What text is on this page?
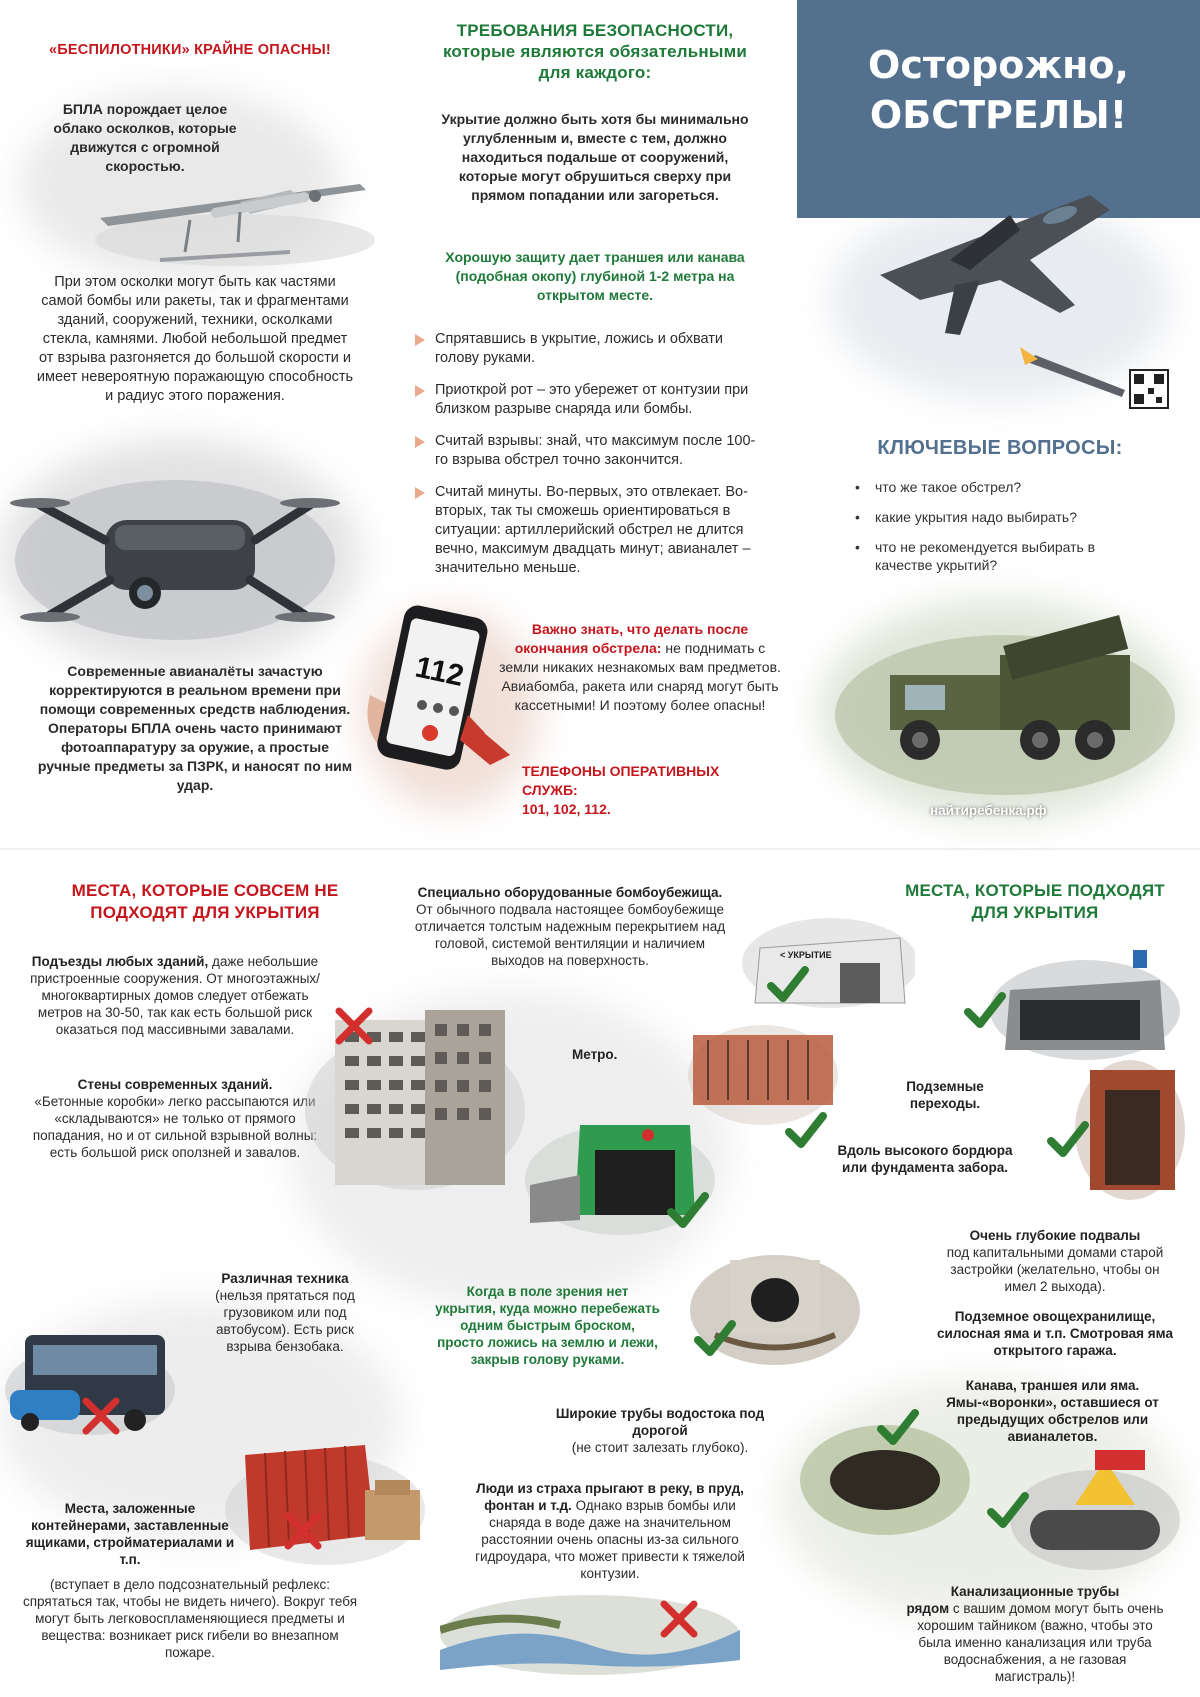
«БЕСПИЛОТНИКИ» КРАЙНЕ ОПАСНЫ!
БПЛА порождает целое облако осколков, которые движутся с огромной скоростью.
При этом осколки могут быть как частями самой бомбы или ракеты, так и фрагментами зданий, сооружений, техники, осколками стекла, камнями. Любой небольшой предмет от взрыва разгоняется до большой скорости и имеет невероятную поражающую способность и радиус этого поражения.
Современные авианалёты зачастую корректируются в реальном времени при помощи современных средств наблюдения. Операторы БПЛА очень часто принимают фотоаппаратуру за оружие, а простые ручные предметы за ПЗРК, и наносят по ним удар.
ТРЕБОВАНИЯ БЕЗОПАСНОСТИ, которые являются обязательными для каждого:
Укрытие должно быть хотя бы минимально углубленным и, вместе с тем, должно находиться подальше от сооружений, которые могут обрушиться сверху при прямом попадании или загореться.
Хорошую защиту дает траншея или канава (подобная окопу) глубиной 1-2 метра на открытом месте.
Спрятавшись в укрытие, ложись и обхвати голову руками.
Приоткрой рот – это убережет от контузии при близком разрыве снаряда или бомбы.
Считай взрывы: знай, что максимум после 100-го взрыва обстрел точно закончится.
Считай минуты. Во-первых, это отвлекает. Во-вторых, так ты сможешь ориентироваться в ситуации: артиллерийский обстрел не длится вечно, максимум двадцать минут; авианалет – значительно меньше.
112
Важно знать, что делать после окончания обстрела: не поднимать с земли никаких незнакомых вам предметов. Авиабомба, ракета или снаряд могут быть кассетными! И поэтому более опасны!
ТЕЛЕФОНЫ ОПЕРАТИВНЫХ СЛУЖБ:
101, 102, 112.
Осторожно,
ОБСТРЕЛЫ!
КЛЮЧЕВЫЕ ВОПРОСЫ:
• что же такое обстрел?
• какие укрытия надо выбирать?
• что не рекомендуется выбирать в качестве укрытий?
найтиребенка.рф
МЕСТА, КОТОРЫЕ СОВСЕМ НЕ ПОДХОДЯТ ДЛЯ УКРЫТИЯ
Подъезды любых зданий, даже небольшие пристроенные сооружения. От многоэтажных/ многоквартирных домов следует отбежать метров на 30-50, так как есть большой риск оказаться под массивными завалами.
Стены современных зданий.
«Бетонные коробки» легко рассыпаются или «складываются» не только от прямого попадания, но и от сильной взрывной волны: есть большой риск оползней и завалов.
Различная техника
(нельзя прятаться под грузовиком или под автобусом). Есть риск взрыва бензобака.
Места, заложенные контейнерами, заставленные ящиками, стройматериалами и т.п.
(вступает в дело подсознательный рефлекс: спрятаться так, чтобы не видеть ничего). Вокруг тебя могут быть легковоспламеняющиеся предметы и вещества: возникает риск гибели во внезапном пожаре.
Специально оборудованные бомбоубежища. От обычного подвала настоящее бомбоубежище отличается толстым надежным перекрытием над головой, системой вентиляции и наличием выходов на поверхность.	< УКРЫТИЕ
Метро.
Когда в поле зрения нет укрытия, куда можно перебежать одним быстрым броском, просто ложись на землю и лежи, закрыв голову руками.
Широкие трубы водостока под дорогой
(не стоит залезать глубоко).
Люди из страха прыгают в реку, в пруд, фонтан и т.д. Однако взрыв бомбы или снаряда в воде даже на значительном расстоянии очень опасны из-за сильного гидроудара, что может привести к тяжелой контузии.
МЕСТА, КОТОРЫЕ ПОДХОДЯТ ДЛЯ УКРЫТИЯ
Подземные переходы.
Вдоль высокого бордюра или фундамента забора.
Очень глубокие подвалы
под капитальными домами старой застройки (желательно, чтобы он имел 2 выхода).
Подземное овощехранилище, силосная яма и т.п. Смотровая яма открытого гаража.
Канава, траншея или яма. Ямы-«воронки», оставшиеся от предыдущих обстрелов или авианалетов.
Канализационные трубы
рядом с вашим домом могут быть очень хорошим тайником (важно, чтобы это была именно канализация или труба водоснабжения, а не газовая магистраль)!
